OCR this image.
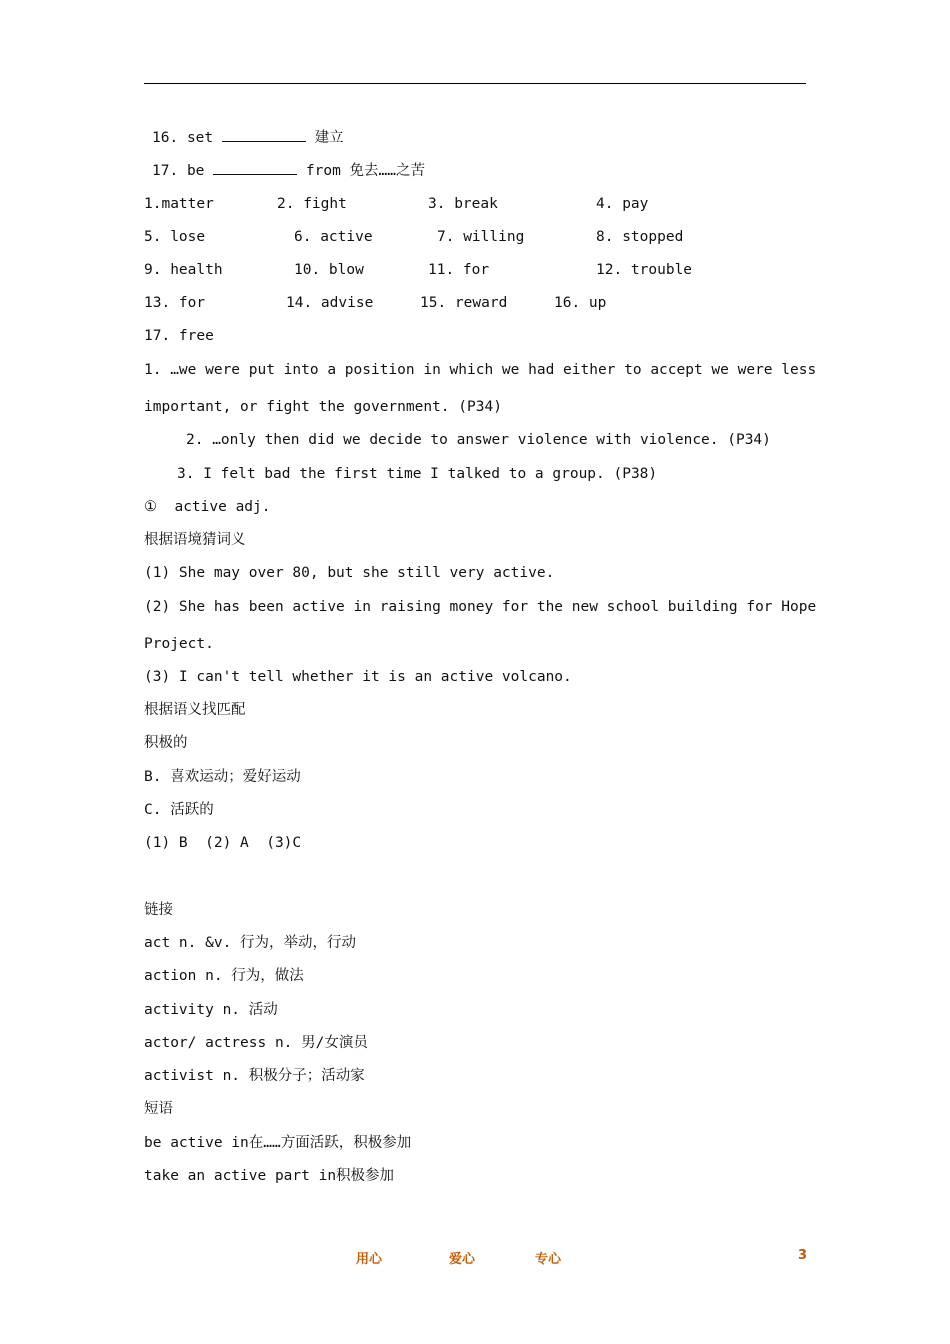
16. set	建立
17. be	from 免去……之苦
1.matter	2. fight	3. break	4. pay
5. lose	6. active	7. willing	8. stopped
9. health	10. blow	11. for	12. trouble
13. for	14. advise	15. reward	16. up
17. free
1. …we were put into a position in which we had either to accept we were less
important, or fight the government. (P34)
2. …only then did we decide to answer violence with violence. (P34)
3. I felt bad the first time I talked to a group. (P38)
①  active adj.
根据语境猜词义
(1) She may over 80, but she still very active.
(2) She has been active in raising money for the new school building for Hope
Project.
(3) I can't tell whether it is an active volcano.
根据语义找匹配
积极的
B. 喜欢运动；爱好运动
C. 活跃的
(1) B  (2) A  (3)C
链接
act n. &v. 行为，举动，行动
action n. 行为，做法
activity n. 活动
actor/ actress n. 男/女演员
activist n. 积极分子；活动家
短语
be active in在……方面活跃，积极参加
take an active part in积极参加
用心	爱心	专心	3
